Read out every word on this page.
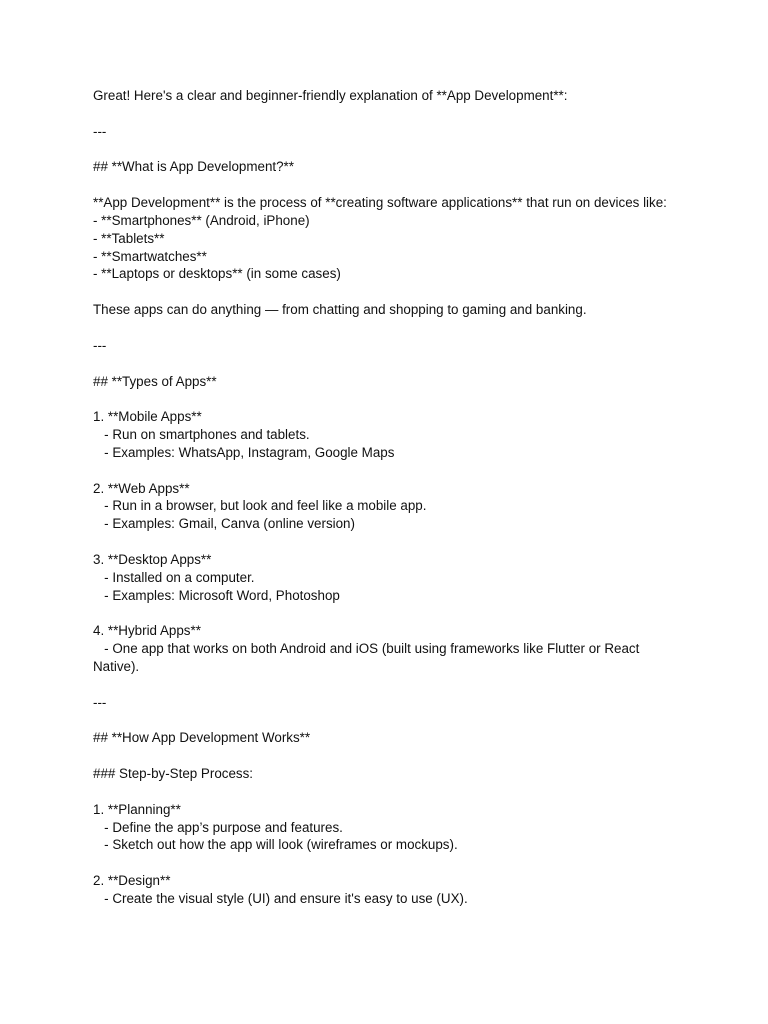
Great! Here's a clear and beginner-friendly explanation of **App Development**:

---

## **What is App Development?**

**App Development** is the process of **creating software applications** that run on devices like:

- **Smartphones** (Android, iPhone)

- **Tablets**

- **Smartwatches**

- **Laptops or desktops** (in some cases)

These apps can do anything — from chatting and shopping to gaming and banking.

---

## **Types of Apps**

1. **Mobile Apps**

- Run on smartphones and tablets.

- Examples: WhatsApp, Instagram, Google Maps

2. **Web Apps**

- Run in a browser, but look and feel like a mobile app.

- Examples: Gmail, Canva (online version)

3. **Desktop Apps**

- Installed on a computer.

- Examples: Microsoft Word, Photoshop

4. **Hybrid Apps**

- One app that works on both Android and iOS (built using frameworks like Flutter or React Native).

---

## **How App Development Works**

### Step-by-Step Process:

1. **Planning**

- Define the app’s purpose and features.

- Sketch out how the app will look (wireframes or mockups).

2. **Design**

- Create the visual style (UI) and ensure it's easy to use (UX).
